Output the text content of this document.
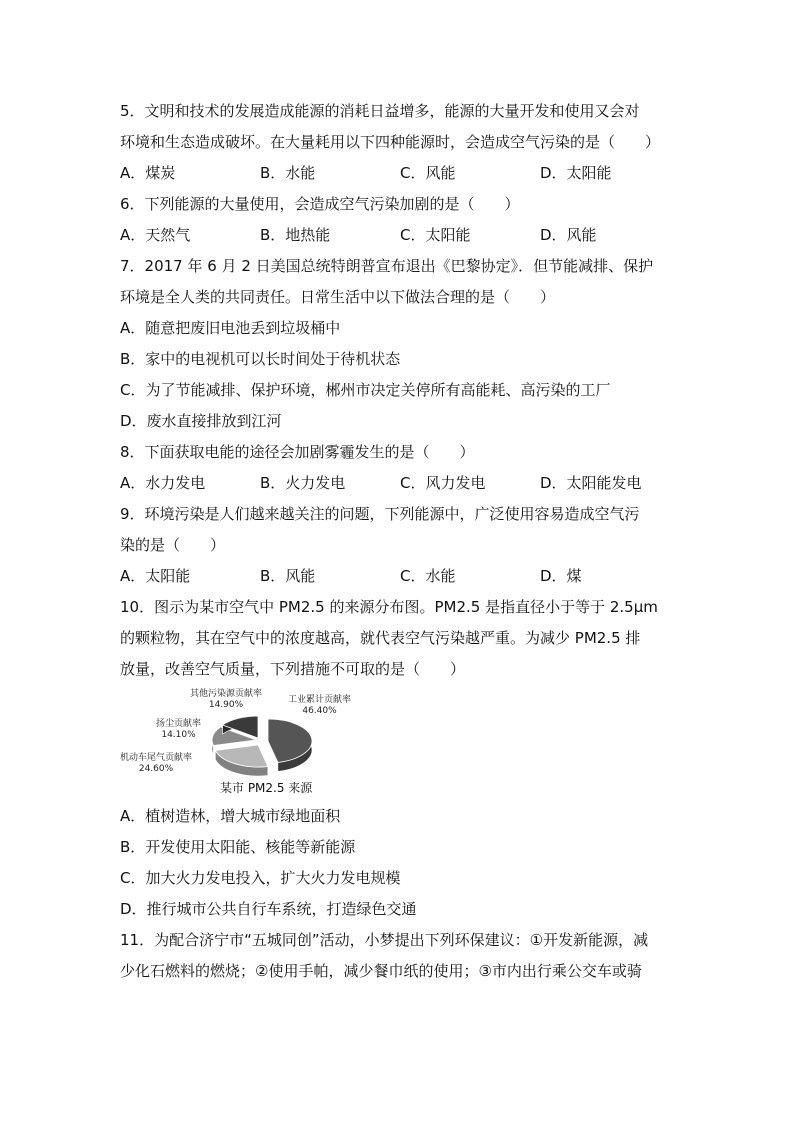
5．文明和技术的发展造成能源的消耗日益增多，能源的大量开发和使用又会对
环境和生态造成破坏。在大量耗用以下四种能源时，会造成空气污染的是（　　）
A．煤炭	B．水能	C．风能	D．太阳能
6．下列能源的大量使用，会造成空气污染加剧的是（　　）
A．天然气	B．地热能	C．太阳能	D．风能
7．2017 年 6 月 2 日美国总统特朗普宣布退出《巴黎协定》．但节能减排、保护
环境是全人类的共同责任。日常生活中以下做法合理的是（　　）
A．随意把废旧电池丢到垃圾桶中
B．家中的电视机可以长时间处于待机状态
C．为了节能减排、保护环境，郴州市决定关停所有高能耗、高污染的工厂
D．废水直接排放到江河
8．下面获取电能的途径会加剧雾霾发生的是（　　）
A．水力发电	B．火力发电	C．风力发电	D．太阳能发电
9．环境污染是人们越来越关注的问题，下列能源中，广泛使用容易造成空气污
染的是（　　）
A．太阳能	B．风能	C．水能	D．煤
10．图示为某市空气中 PM2.5 的来源分布图。PM2.5 是指直径小于等于 2.5μm
的颗粒物，其在空气中的浓度越高，就代表空气污染越严重。为减少 PM2.5 排
放量，改善空气质量，下列措施不可取的是（　　）
其他污染源贡献率
14.90%	工业累计贡献率
46.40%
扬尘贡献率
14.10%
机动车尾气贡献率
24.60%
某市 PM2.5 来源
A．植树造林，增大城市绿地面积
B．开发使用太阳能、核能等新能源
C．加大火力发电投入，扩大火力发电规模
D．推行城市公共自行车系统，打造绿色交通
11．为配合济宁市“五城同创”活动，小梦提出下列环保建议：①开发新能源，减
少化石燃料的燃烧；②使用手帕，减少餐巾纸的使用；③市内出行乘公交车或骑
